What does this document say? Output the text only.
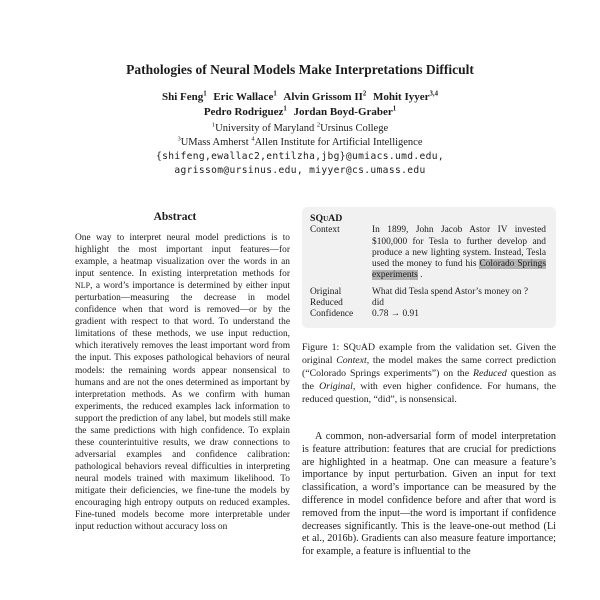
Pathologies of Neural Models Make Interpretations Difficult
Shi Feng$^1$ Eric Wallace$^1$ Alvin Grissom $II^2$ Mohit Iyyer$^{3,4}$
Pedro Rodriguez$^1$ Jordan Boyd-Graber$^1$
$^1$University of Maryland $^2$Ursinus College
$^3$UMass Amherst $^4$Allen Institute for Artificial Intelligence
{shifeng,ewallac2,entilzha,jbg}@umiacs.umd.edu,
agrissom@ursinus.edu, miyyer@cs.umass.edu
Abstract
One way to interpret neural model predictions is to highlight the most important input features—for example, a heatmap visualization over the words in an input sentence. In existing interpretation methods for NLP, a word’s importance is determined by either input perturbation—measuring the decrease in model confidence when that word is removed—or by the gradient with respect to that word. To understand the limitations of these methods, we use input reduction, which iteratively removes the least important word from the input. This exposes pathological behaviors of neural models: the remaining words appear nonsensical to humans and are not the ones determined as important by interpretation methods. As we confirm with human experiments, the reduced examples lack information to support the prediction of any label, but models still make the same predictions with high confidence. To explain these counterintuitive results, we draw connections to adversarial examples and confidence calibration: pathological behaviors reveal difficulties in interpreting neural models trained with maximum likelihood. To mitigate their deficiencies, we fine-tune the models by encouraging high entropy outputs on reduced examples. Fine-tuned models become more interpretable under input reduction without accuracy loss on
SQuAD
Context	In 1899, John Jacob Astor IV invested $100,000 for Tesla to further develop and produce a new lighting system. Instead, Tesla used the money to fund his Colorado Springs experiments .
Original	What did Tesla spend Astor’s money on ?
Reduced	did
Confidence	0.78 → 0.91
Figure 1: SQuAD example from the validation set. Given the original Context, the model makes the same correct prediction (“Colorado Springs experiments”) on the Reduced question as the Original, with even higher confidence. For humans, the reduced question, “did”, is nonsensical.
A common, non-adversarial form of model interpretation is feature attribution: features that are crucial for predictions are highlighted in a heatmap. One can measure a feature’s importance by input perturbation. Given an input for text classification, a word’s importance can be measured by the difference in model confidence before and after that word is removed from the input—the word is important if confidence decreases significantly. This is the leave-one-out method (Li et al., 2016b). Gradients can also measure feature importance; for example, a feature is influential to the
